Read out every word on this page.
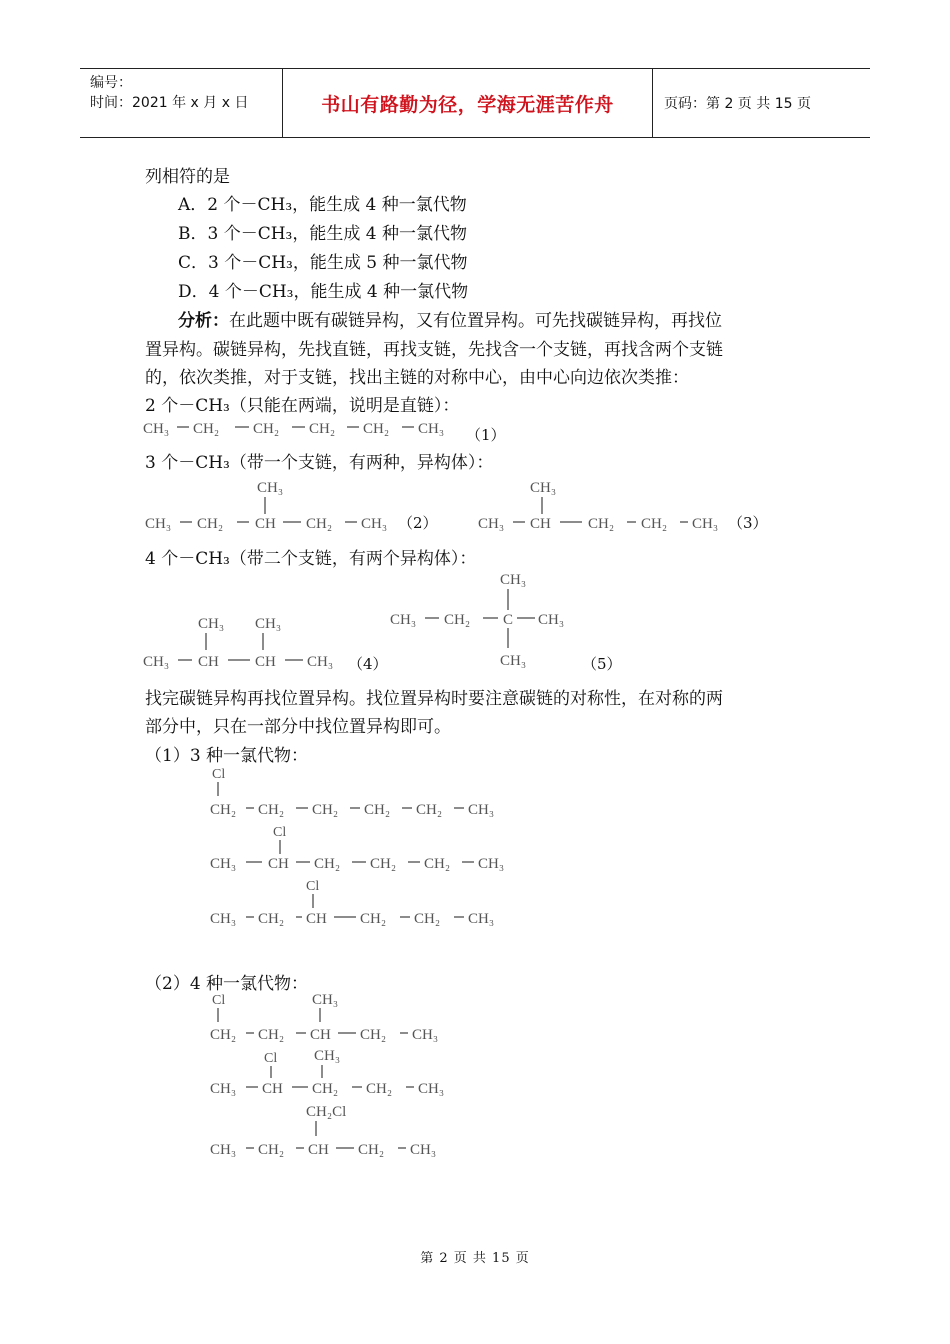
编号：
时间：2021 年 x 月 x 日	书山有路勤为径，学海无涯苦作舟	页码：第 2 页 共 15 页
列相符的是
A．2 个－CH₃，能生成 4 种一氯代物
B．3 个－CH₃，能生成 4 种一氯代物
C．3 个－CH₃，能生成 5 种一氯代物
D．4 个－CH₃，能生成 4 种一氯代物
分析：在此题中既有碳链异构，又有位置异构。可先找碳链异构，再找位
置异构。碳链异构，先找直链，再找支链，先找含一个支链，再找含两个支链
的，依次类推，对于支链，找出主链的对称中心，由中心向边依次类推：
2 个－CH₃（只能在两端，说明是直链）：
CH₃ CH₂ CH₂ CH₂ CH₂ CH₃ （1）
3 个－CH₃（带一个支链，有两种，异构体）：
CH₃
CH₃ CH₂ CH CH₂ CH₃ （2）
CH₃
CH₃ CH CH₂ CH₂ CH₃ （3）
4 个－CH₃（带二个支链，有两个异构体）：
CH₃ CH₃
CH₃ CH CH CH₃ （4）
CH₃
CH₃ CH₂ C CH₃
CH₃	（5）
找完碳链异构再找位置异构。找位置异构时要注意碳链的对称性，在对称的两
部分中，只在一部分中找位置异构即可。
（1）3 种一氯代物：
Cl
CH₂ CH₂ CH₂ CH₂ CH₂ CH₃
Cl
CH₃ CH CH₂ CH₂ CH₂ CH₃
Cl
CH₃ CH₂ CH CH₂ CH₂ CH₃
（2）4 种一氯代物：
Cl	CH₃
CH₂ CH₂ CH CH₂ CH₃
Cl CH₃
CH₃ CH CH₂ CH₂ CH₃
CH₂Cl
CH₃ CH₂ CH CH₂ CH₃
第 2 页 共 15 页
